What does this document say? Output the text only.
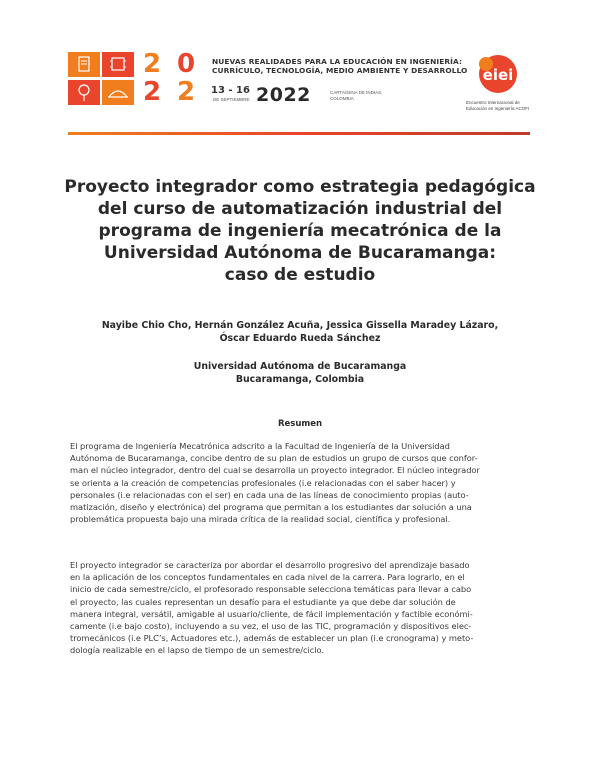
2 0
2 2
NUEVAS REALIDADES PARA LA EDUCACIÓN EN INGENIERÍA:
CURRÍCULO, TECNOLOGÍA, MEDIO AMBIENTE Y DESARROLLO
13 - 16
DE SEPTIEMBRE 2022	CARTAGENA DE INDIAS,
COLOMBIA
eiei
Encuentro Internacional de
Educación en Ingeniería ACOFI
Proyecto integrador como estrategia pedagógica
del curso de automatización industrial del
programa de ingeniería mecatrónica de la
Universidad Autónoma de Bucaramanga:
caso de estudio
Nayibe Chio Cho, Hernán González Acuña, Jessica Gissella Maradey Lázaro,
Óscar Eduardo Rueda Sánchez
Universidad Autónoma de Bucaramanga
Bucaramanga, Colombia
Resumen
El programa de Ingeniería Mecatrónica adscrito a la Facultad de Ingeniería de la Universidad
Autónoma de Bucaramanga, concibe dentro de su plan de estudios un grupo de cursos que confor-
man el núcleo integrador, dentro del cual se desarrolla un proyecto integrador. El núcleo integrador
se orienta a la creación de competencias profesionales (i.e relacionadas con el saber hacer) y
personales (i.e relacionadas con el ser) en cada una de las líneas de conocimiento propias (auto-
matización, diseño y electrónica) del programa que permitan a los estudiantes dar solución a una
problemática propuesta bajo una mirada crítica de la realidad social, científica y profesional.
El proyecto integrador se caracteriza por abordar el desarrollo progresivo del aprendizaje basado
en la aplicación de los conceptos fundamentales en cada nivel de la carrera. Para lograrlo, en el
inicio de cada semestre/ciclo, el profesorado responsable selecciona temáticas para llevar a cabo
el proyecto, las cuales representan un desafío para el estudiante ya que debe dar solución de
manera integral, versátil, amigable al usuario/cliente, de fácil implementación y factible económi-
camente (i.e bajo costo), incluyendo a su vez, el uso de las TIC, programación y dispositivos elec-
tromecánicos (i.e PLC’s, Actuadores etc.), además de establecer un plan (i.e cronograma) y meto-
dología realizable en el lapso de tiempo de un semestre/ciclo.
